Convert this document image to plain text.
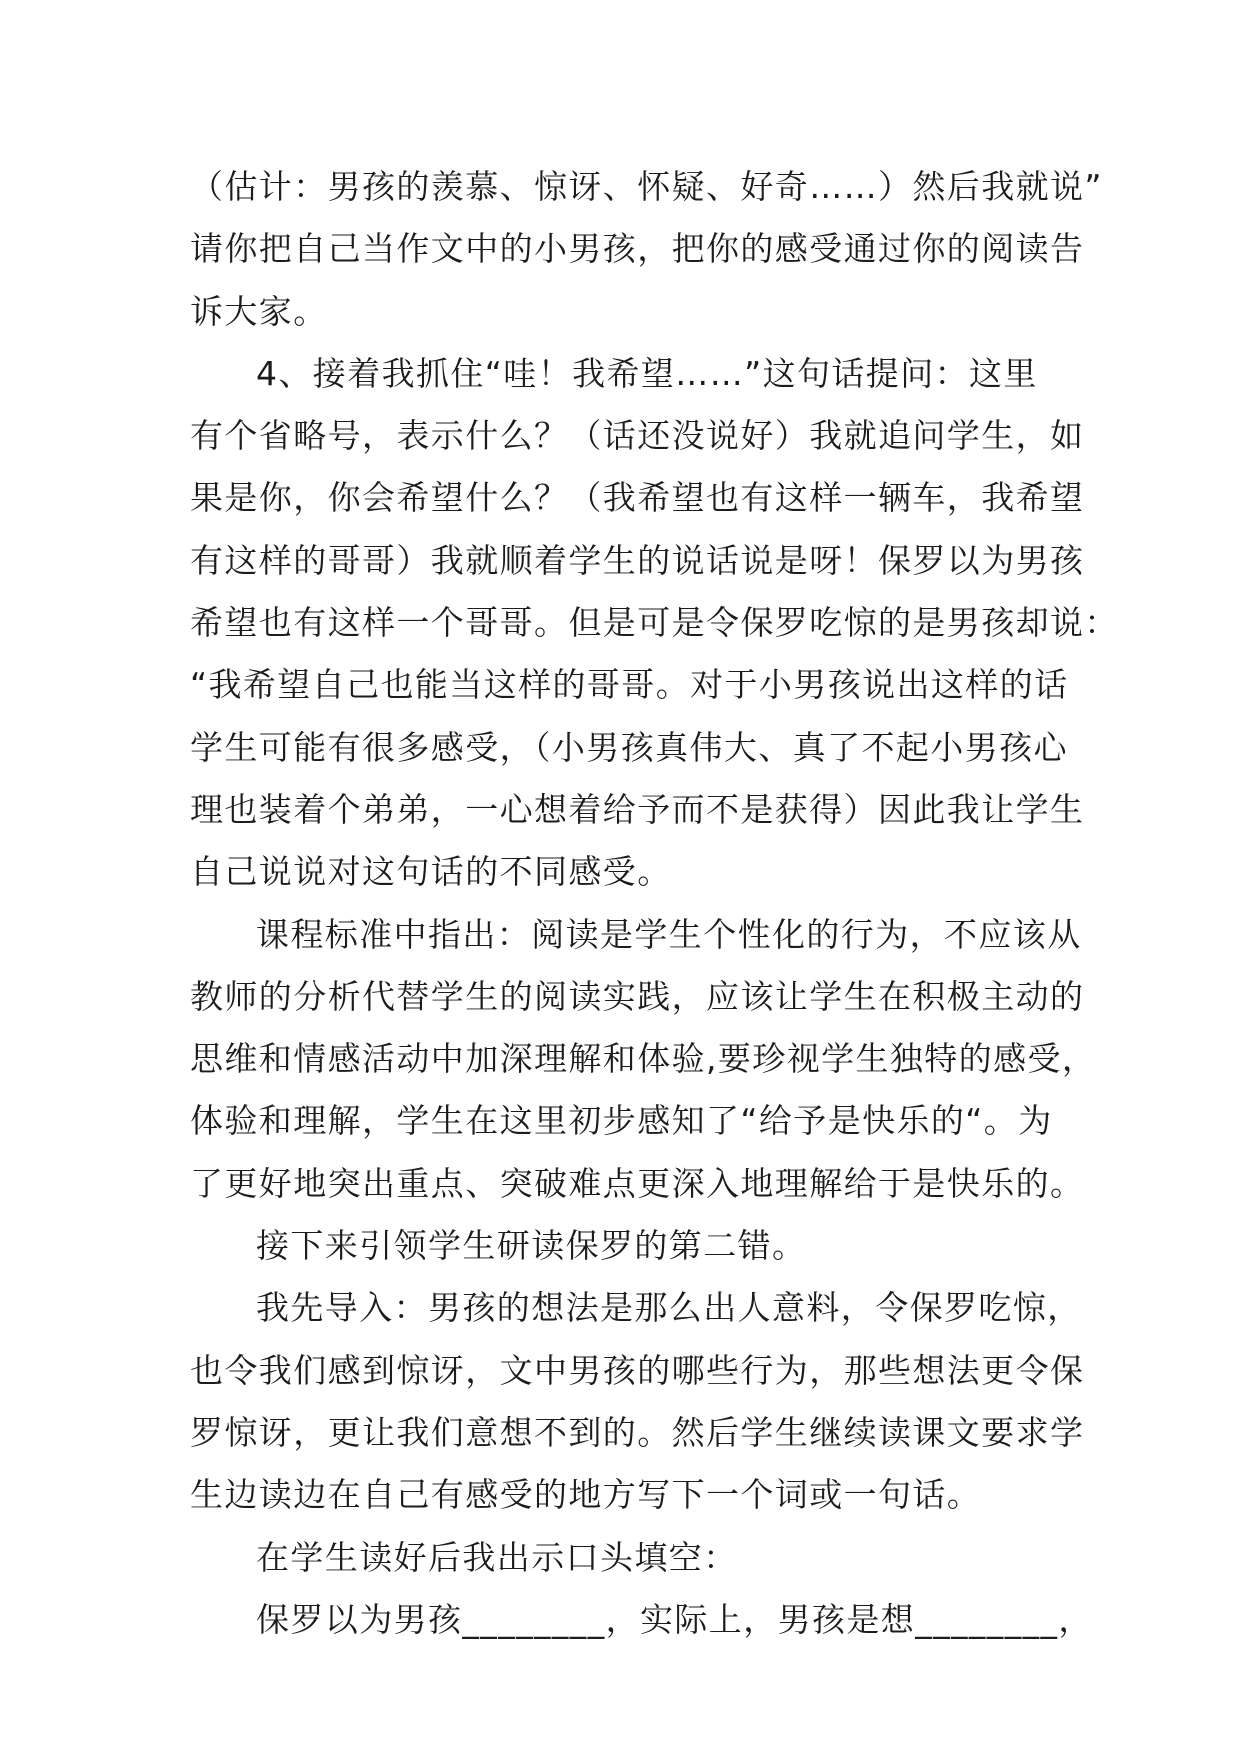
（估计：男孩的羡慕、惊讶、怀疑、好奇……）然后我就说”
请你把自己当作文中的小男孩，把你的感受通过你的阅读告
诉大家。
4、接着我抓住“哇！我希望……”这句话提问：这里
有个省略号，表示什么？（话还没说好）我就追问学生，如
果是你，你会希望什么？（我希望也有这样一辆车，我希望
有这样的哥哥）我就顺着学生的说话说是呀！保罗以为男孩
希望也有这样一个哥哥。但是可是令保罗吃惊的是男孩却说：
“我希望自己也能当这样的哥哥。对于小男孩说出这样的话
学生可能有很多感受，（小男孩真伟大、真了不起小男孩心
理也装着个弟弟，一心想着给予而不是获得）因此我让学生
自己说说对这句话的不同感受。
课程标准中指出：阅读是学生个性化的行为，不应该从
教师的分析代替学生的阅读实践，应该让学生在积极主动的
思维和情感活动中加深理解和体验,要珍视学生独特的感受，
体验和理解，学生在这里初步感知了“给予是快乐的“。为
了更好地突出重点、突破难点更深入地理解给于是快乐的。
接下来引领学生研读保罗的第二错。
我先导入：男孩的想法是那么出人意料，令保罗吃惊，
也令我们感到惊讶，文中男孩的哪些行为，那些想法更令保
罗惊讶，更让我们意想不到的。然后学生继续读课文要求学
生边读边在自己有感受的地方写下一个词或一句话。
在学生读好后我出示口头填空：
保罗以为男孩________，实际上，男孩是想________，
